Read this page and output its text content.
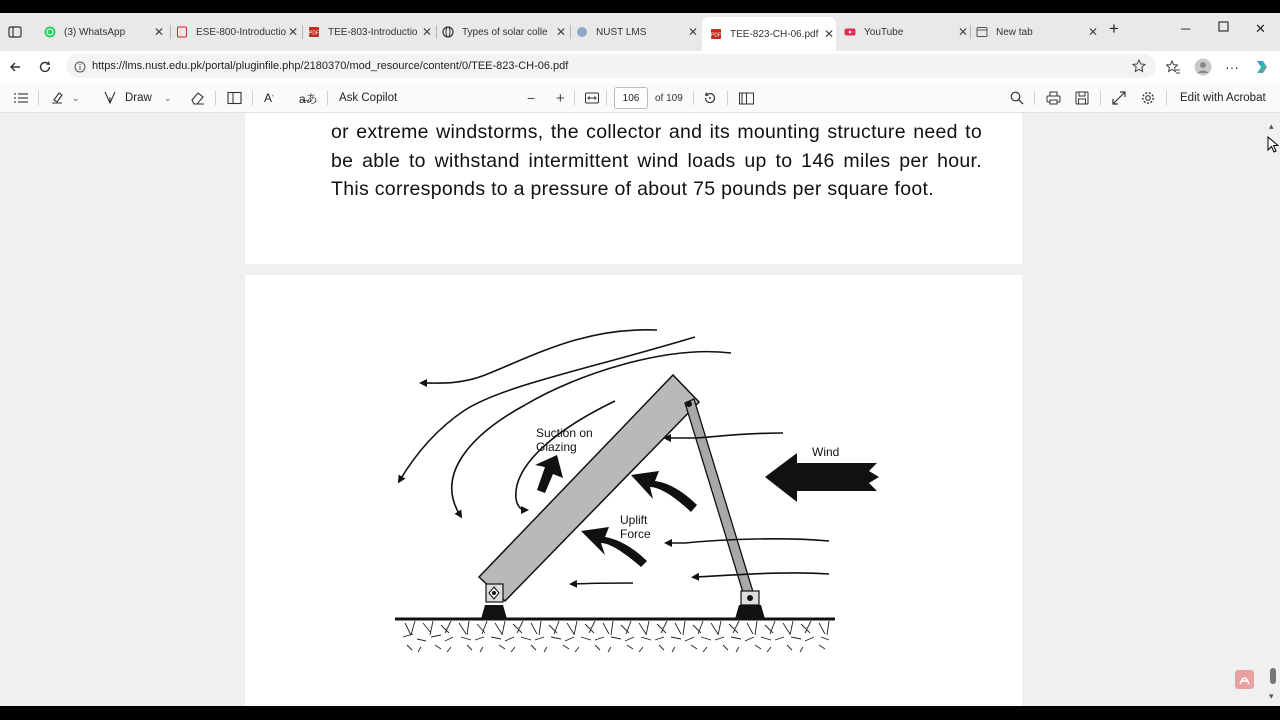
(3) WhatsApp	✕	ESE-800-Introductio ✕	PDF TEE-803-Introductio ✕	Types of solar colle ✕	NUST LMS	✕	PDF TEE-823-CH-06.pdf ✕	YouTube	✕	New tab	✕ +	─	✕
https://lms.nust.edu.pk/portal/pluginfile.php/2180370/mod_resource/content/0/TEE-823-CH-06.pdf	···
⌄	Draw ⌄	A ʼ a̶あ Ask Copilot	− +	106	of 109	Edit with Acrobat

or extreme windstorms, the collector and its mounting structure need to be able to withstand intermittent wind loads up to 146 miles per hour. This corresponds to a pressure of about 75 pounds per square foot.

Suction on
Glazing
Uplift
Force
Wind
▴
▾
